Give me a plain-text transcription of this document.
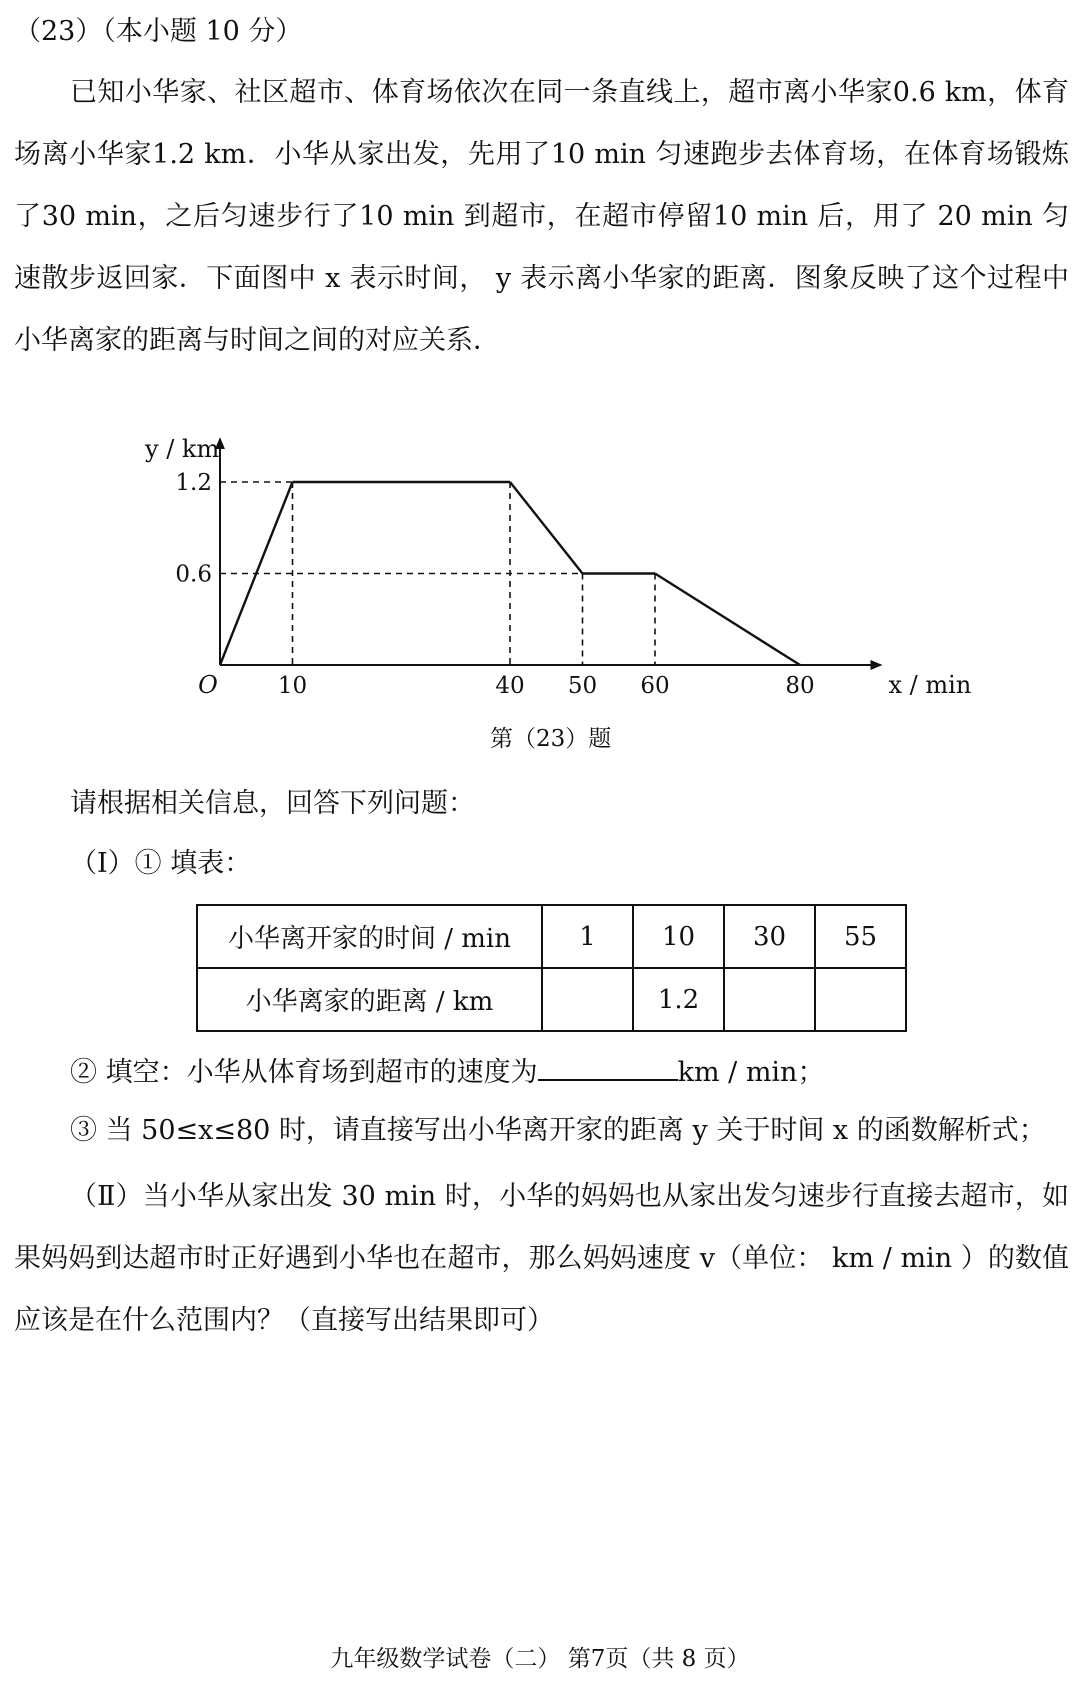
（23）（本小题 10 分）
已知小华家、社区超市、体育场依次在同一条直线上，超市离小华家0.6 km，体育场离小华家1.2 km．小华从家出发，先用了10 min 匀速跑步去体育场，在体育场锻炼了30 min，之后匀速步行了10 min 到超市，在超市停留10 min 后，用了 20 min 匀速散步返回家．下面图中 x 表示时间， y 表示离小华家的距离．图象反映了这个过程中小华离家的距离与时间之间的对应关系．
10	40 50 60	80
0.6
1.2
O	x / min
y / km
第（23）题
请根据相关信息，回答下列问题：
（Ⅰ）① 填表：
小华离开家的时间 / min	1	10	30	55
小华离家的距离 / km		1.2		
② 填空：小华从体育场到超市的速度为	km / min；
③ 当 50≤x≤80 时，请直接写出小华离开家的距离 y 关于时间 x 的函数解析式；
（Ⅱ）当小华从家出发 30 min 时，小华的妈妈也从家出发匀速步行直接去超市，如果妈妈到达超市时正好遇到小华也在超市，那么妈妈速度 v（单位： km / min ）的数值应该是在什么范围内？（直接写出结果即可）
九年级数学试卷（二） 第7页（共 8 页）
